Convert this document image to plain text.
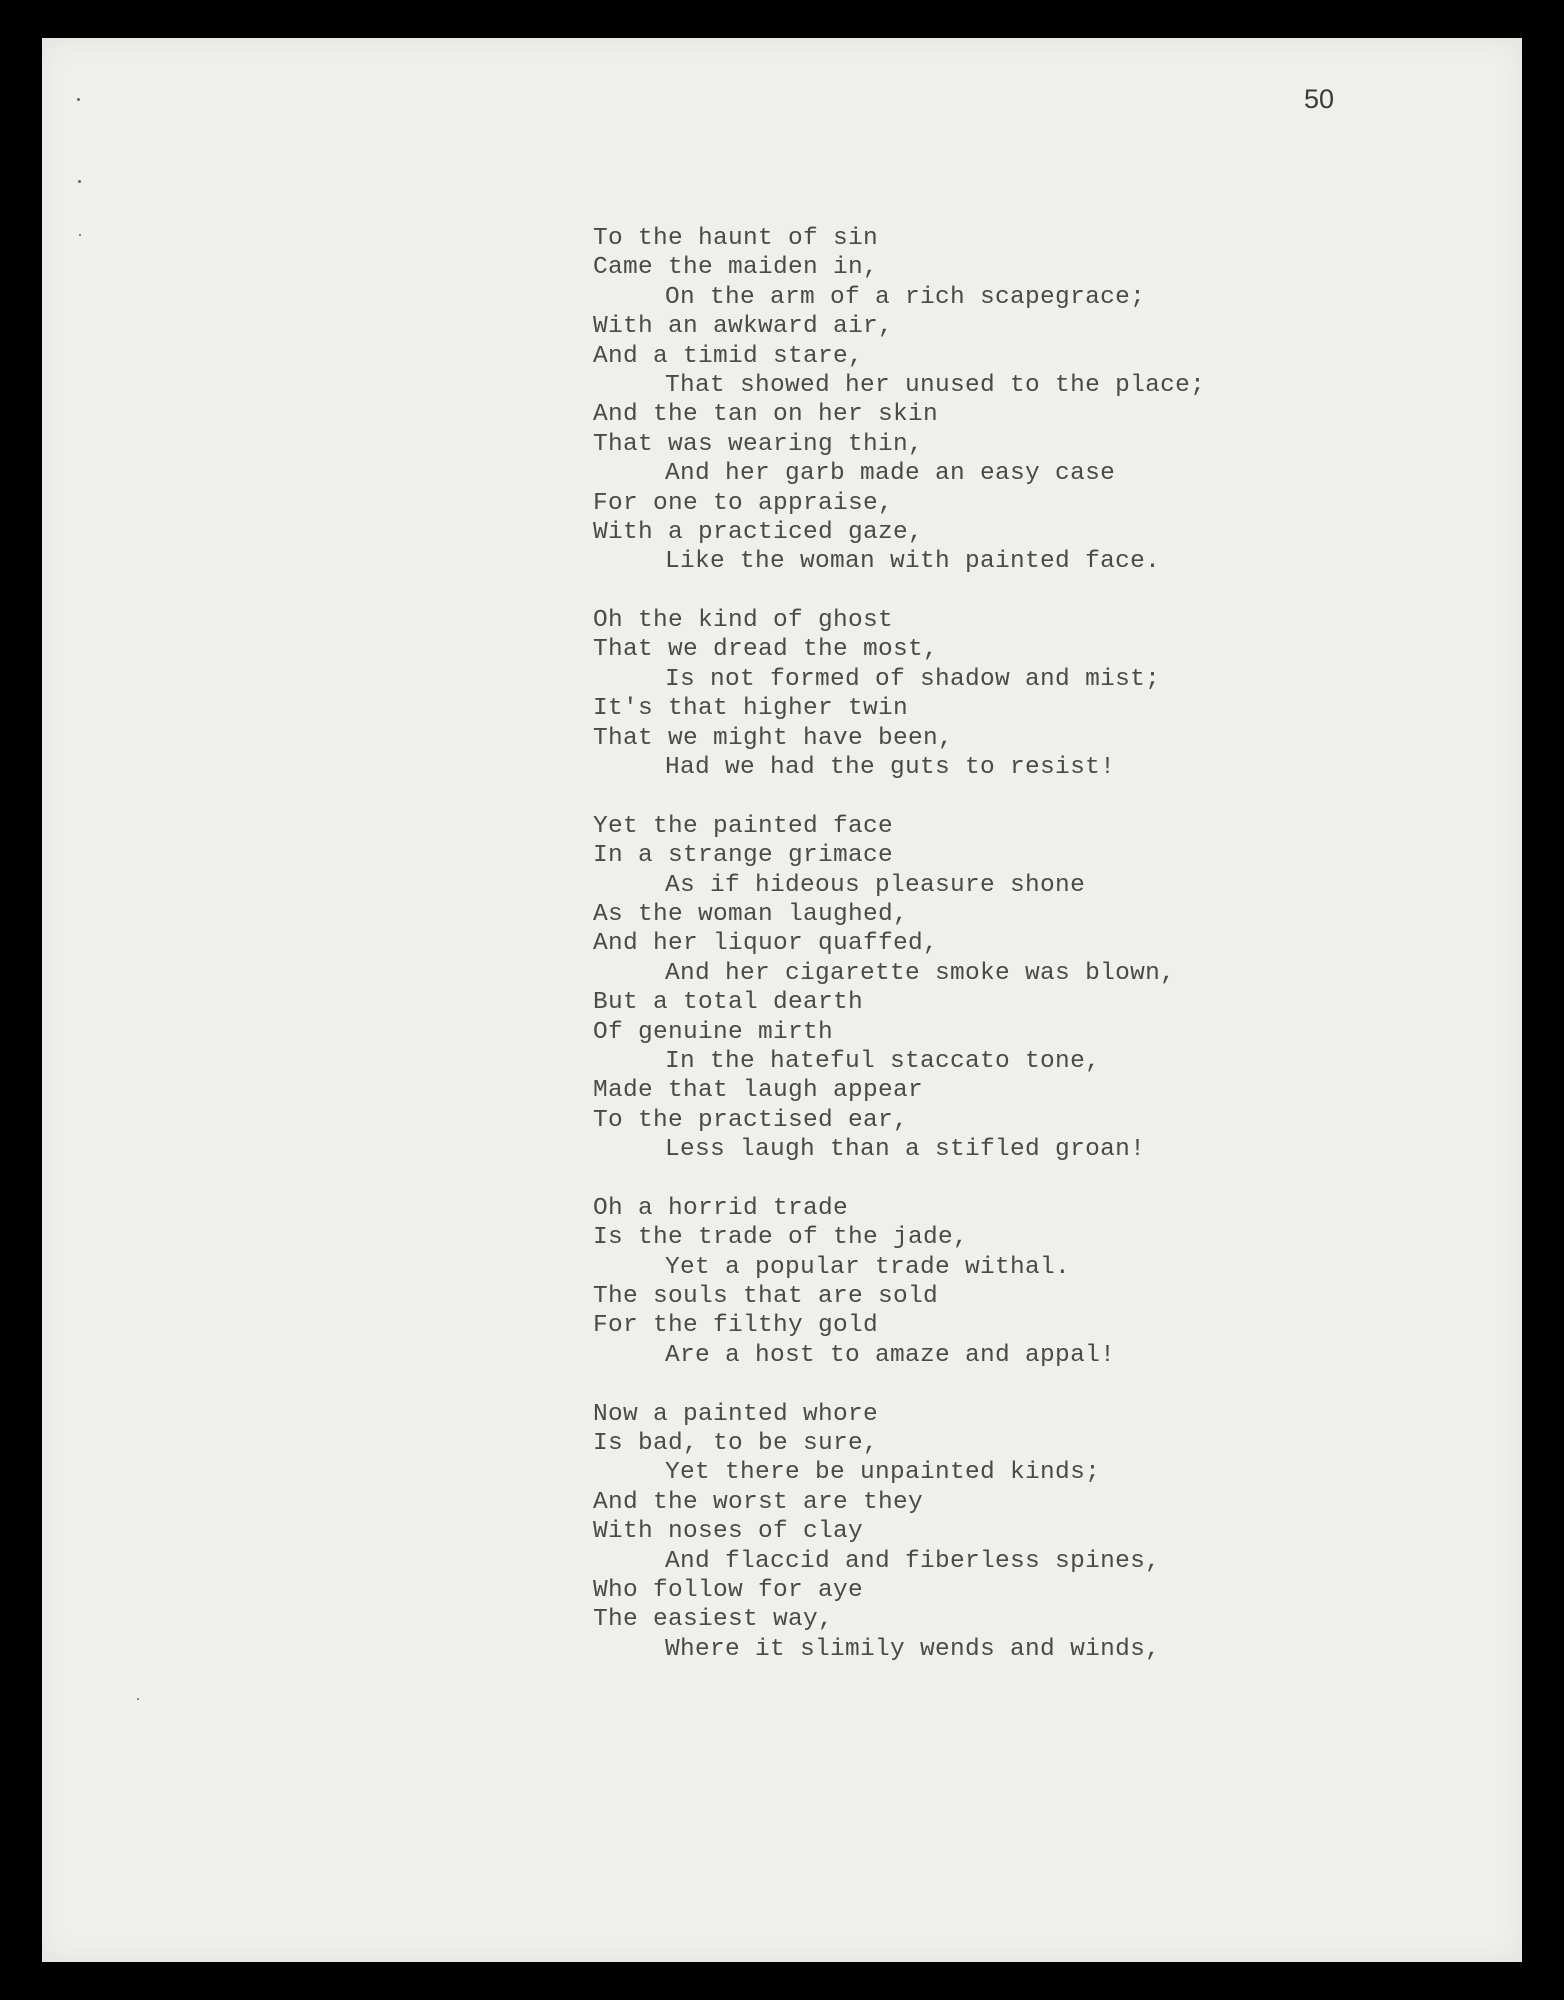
50
To the haunt of sin
Came the maiden in,
On the arm of a rich scapegrace;
With an awkward air,
And a timid stare,
That showed her unused to the place;
And the tan on her skin
That was wearing thin,
And her garb made an easy case
For one to appraise,
With a practiced gaze,
Like the woman with painted face.
Oh the kind of ghost
That we dread the most,
Is not formed of shadow and mist;
It's that higher twin
That we might have been,
Had we had the guts to resist!
Yet the painted face
In a strange grimace
As if hideous pleasure shone
As the woman laughed,
And her liquor quaffed,
And her cigarette smoke was blown,
But a total dearth
Of genuine mirth
In the hateful staccato tone,
Made that laugh appear
To the practised ear,
Less laugh than a stifled groan!
Oh a horrid trade
Is the trade of the jade,
Yet a popular trade withal.
The souls that are sold
For the filthy gold
Are a host to amaze and appal!
Now a painted whore
Is bad, to be sure,
Yet there be unpainted kinds;
And the worst are they
With noses of clay
And flaccid and fiberless spines,
Who follow for aye
The easiest way,
Where it slimily wends and winds,
